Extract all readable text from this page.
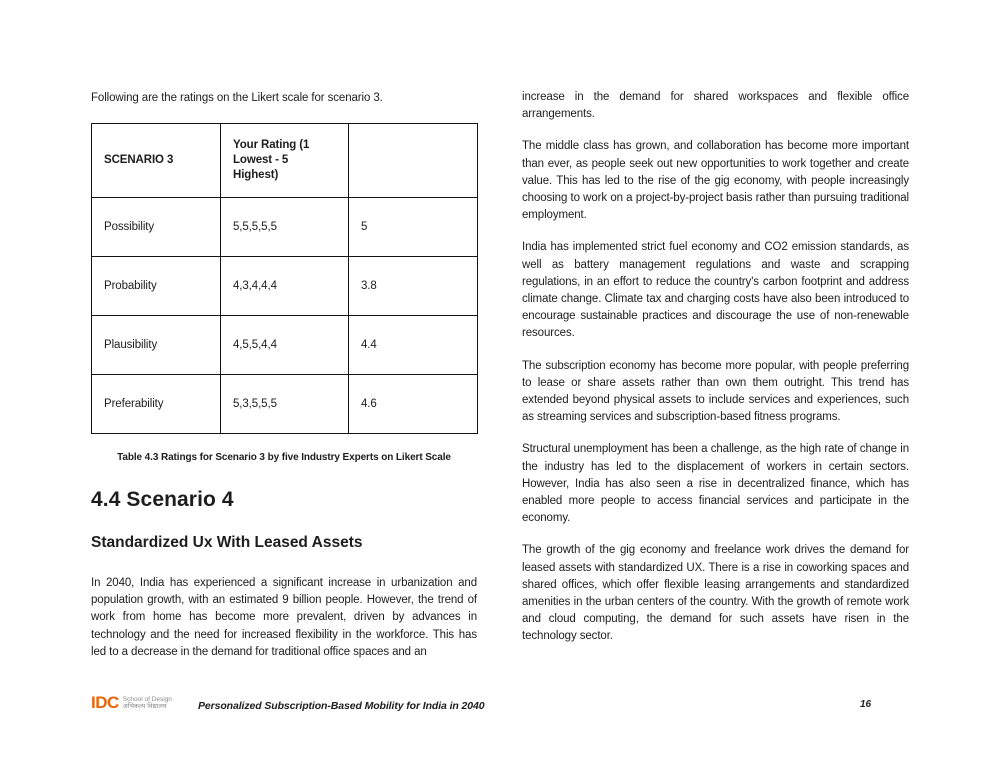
Following are the ratings on the Likert scale for scenario 3.

SCENARIO 3	Your Rating (1 Lowest - 5 Highest)	
Possibility	5,5,5,5,5	5
Probability	4,3,4,4,4	3.8
Plausibility	4,5,5,4,4	4.4
Preferability	5,3,5,5,5	4.6

Table 4.3 Ratings for Scenario 3 by five Industry Experts on Likert Scale

4.4 Scenario 4
Standardized Ux With Leased Assets

In 2040, India has experienced a significant increase in urbanization and population growth, with an estimated 9 billion people. However, the trend of work from home has become more prevalent, driven by advances in technology and the need for increased flexibility in the workforce. This has led to a decrease in the demand for traditional office spaces and an

increase in the demand for shared workspaces and flexible office arrangements.

The middle class has grown, and collaboration has become more important than ever, as people seek out new opportunities to work together and create value. This has led to the rise of the gig economy, with people increasingly choosing to work on a project-by-project basis rather than pursuing traditional employment.

India has implemented strict fuel economy and CO2 emission standards, as well as battery management regulations and waste and scrapping regulations, in an effort to reduce the country's carbon footprint and address climate change. Climate tax and charging costs have also been introduced to encourage sustainable practices and discourage the use of non-renewable resources.

The subscription economy has become more popular, with people preferring to lease or share assets rather than own them outright. This trend has extended beyond physical assets to include services and experiences, such as streaming services and subscription-based fitness programs.

Structural unemployment has been a challenge, as the high rate of change in the industry has led to the displacement of workers in certain sectors. However, India has also seen a rise in decentralized finance, which has enabled more people to access financial services and participate in the economy.

The growth of the gig economy and freelance work drives the demand for leased assets with standardized UX. There is a rise in coworking spaces and shared offices, which offer flexible leasing arrangements and standardized amenities in the urban centers of the country. With the growth of remote work and cloud computing, the demand for such assets have risen in the technology sector.

IDC School of Design
अभिकल्प विद्यालय	Personalized Subscription-Based Mobility for India in 2040	16
